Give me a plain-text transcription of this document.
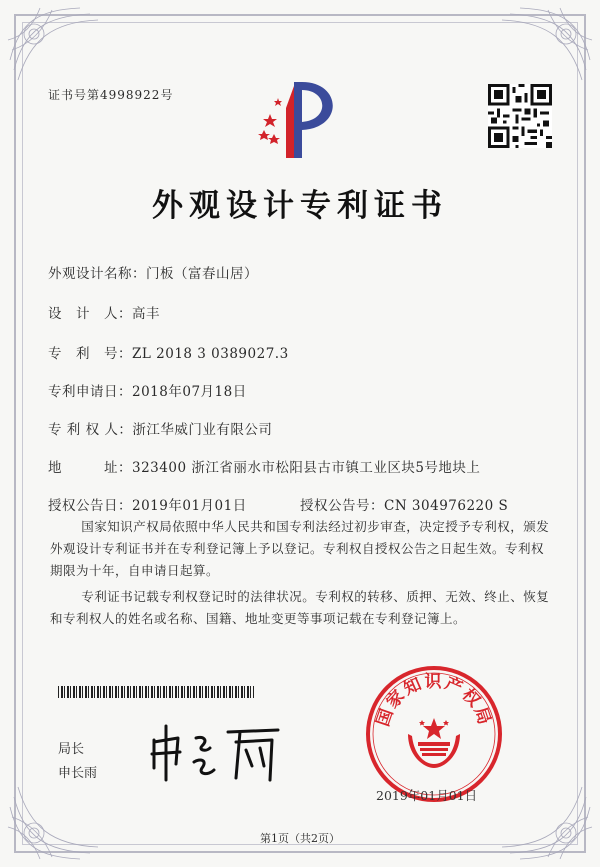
证书号第4998922号
外观设计专利证书
外观设计名称：门板（富春山居）
设　计　人：高丰
专　利　号：ZL 2018 3 0389027.3
专利申请日：2018年07月18日
专 利 权 人：浙江华威门业有限公司
地　　　址：323400 浙江省丽水市松阳县古市镇工业区块5号地块上
授权公告日：2019年01月01日	授权公告号：CN 304976220 S
国家知识产权局依照中华人民共和国专利法经过初步审查，决定授予专利权，颁发外观设计专利证书并在专利登记簿上予以登记。专利权自授权公告之日起生效。专利权期限为十年，自申请日起算。
专利证书记载专利权登记时的法律状况。专利权的转移、质押、无效、终止、恢复和专利权人的姓名或名称、国籍、地址变更等事项记载在专利登记簿上。
局长
申长雨
国家知识产权局
2019年01月01日
第1页（共2页）
